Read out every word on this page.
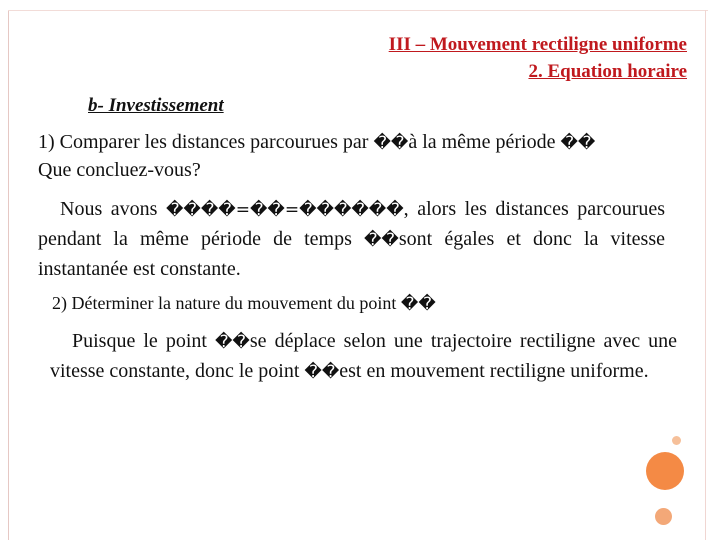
III – Mouvement rectiligne uniforme
2. Equation horaire
b- Investissement
1) Comparer les distances parcourues par ��à la même période ��
Que concluez-vous?
Nous avons ����=��=������, alors les distances parcourues pendant la même période de temps ��sont égales et donc la vitesse instantanée est constante.
2) Déterminer la nature du mouvement du point ��
Puisque le point ��se déplace selon une trajectoire rectiligne avec une vitesse constante, donc le point ��est en mouvement rectiligne uniforme.
